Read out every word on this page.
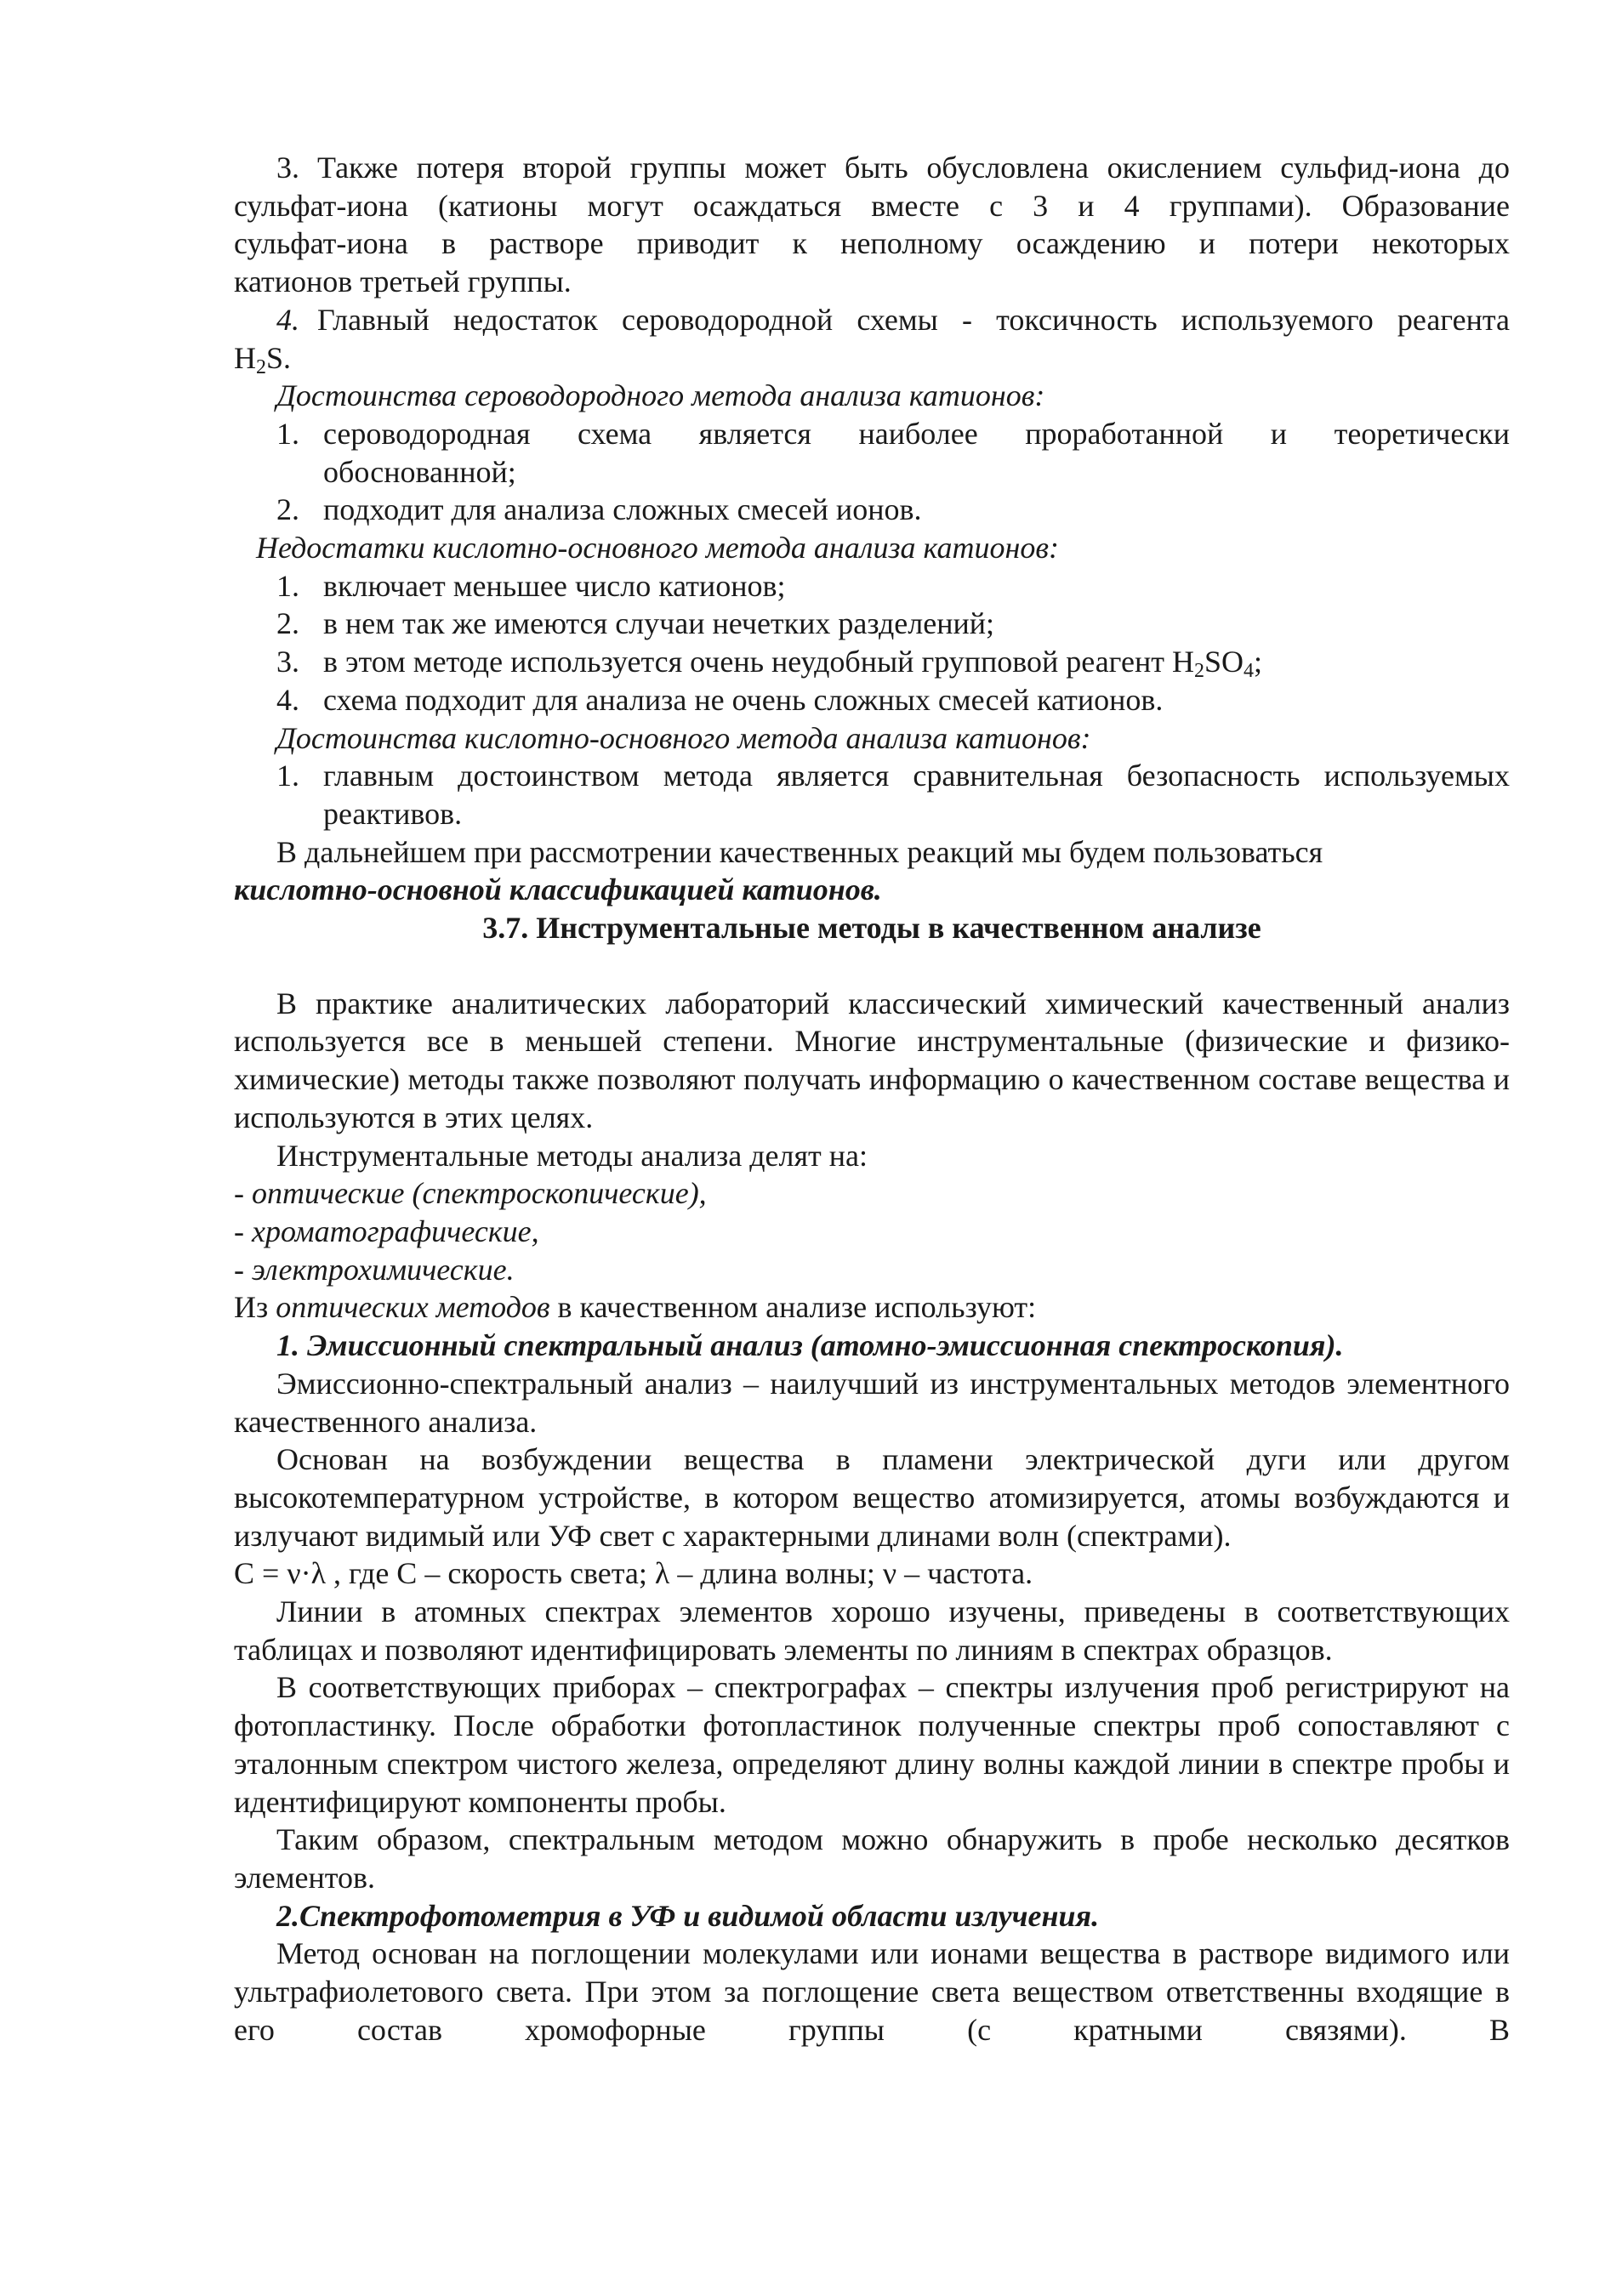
3. Также потеря второй группы может быть обусловлена окислением сульфид-иона до
сульфат-иона (катионы могут осаждаться вместе с 3 и 4 группами). Образование
сульфат-иона в растворе приводит к неполному осаждению и потери некоторых
катионов третьей группы.
4. Главный недостаток сероводородной схемы - токсичность используемого реагента
$H_2S$.
Достоинства сероводородного метода анализа катионов:
1. сероводородная схема является наиболее проработанной и теоретически
обоснованной;
2. подходит для анализа сложных смесей ионов.
Недостатки кислотно-основного метода анализа катионов:
1. включает меньшее число катионов;
2. в нем так же имеются случаи нечетких разделений;
3. в этом методе используется очень неудобный групповой реагент $H_2SO_4$;
4. схема подходит для анализа не очень сложных смесей катионов.
Достоинства кислотно-основного метода анализа катионов:
1. главным достоинством метода является сравнительная безопасность используемых
реактивов.
В дальнейшем при рассмотрении качественных реакций мы будем пользоваться
кислотно-основной классификацией катионов.
3.7. Инструментальные методы в качественном анализе
В практике аналитических лабораторий классический химический качественный анализ используется все в меньшей степени. Многие инструментальные (физические и физико-химические) методы также позволяют получать информацию о качественном составе вещества и используются в этих целях.
Инструментальные методы анализа делят на:
- оптические (спектроскопические),
- хроматографические,
- электрохимические.
Из оптических методов в качественном анализе используют:
1. Эмиссионный спектральный анализ (атомно-эмиссионная спектроскопия).
Эмиссионно-спектральный анализ – наилучший из инструментальных методов элементного качественного анализа.
Основан на возбуждении вещества в пламени электрической дуги или другом высокотемпературном устройстве, в котором вещество атомизируется, атомы возбуждаются и излучают видимый или УФ свет с характерными длинами волн (спектрами).
С = ν·λ , где С – скорость света; λ – длина волны; ν – частота.
Линии в атомных спектрах элементов хорошо изучены, приведены в соответствующих таблицах и позволяют идентифицировать элементы по линиям в спектрах образцов.
В соответствующих приборах – спектрографах – спектры излучения проб регистрируют на фотопластинку. После обработки фотопластинок полученные спектры проб сопоставляют с эталонным спектром чистого железа, определяют длину волны каждой линии в спектре пробы и идентифицируют компоненты пробы.
Таким образом, спектральным методом можно обнаружить в пробе несколько десятков элементов.
2.Спектрофотометрия в УФ и видимой области излучения.
Метод основан на поглощении молекулами или ионами вещества в растворе видимого или ультрафиолетового света. При этом за поглощение света веществом ответственны входящие в его состав хромофорные группы (с кратными связями). В
